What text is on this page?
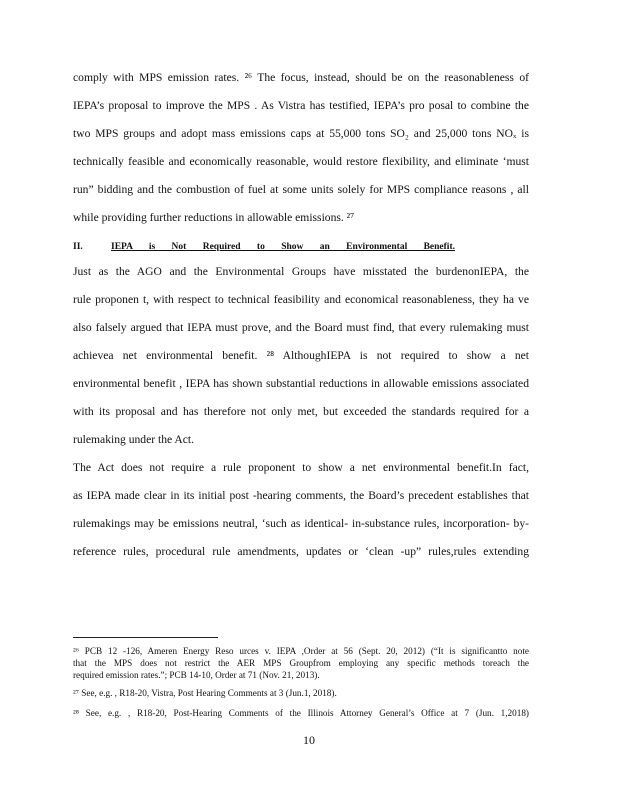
comply with MPS emission rates. ²⁶ The focus, instead, should be on the reasonableness of
IEPA’s proposal to improve the MPS . As Vistra has testified, IEPA’s pro posal to combine the
two MPS groups and adopt mass emissions caps at 55,000 tons SO₂ and 25,000 tons NOₓ is
technically feasible and economically reasonable, would restore flexibility, and eliminate ‘must
run” bidding and the combustion of fuel at some units solely for MPS compliance reasons , all
while providing further reductions in allowable emissions. ²⁷
II.	IEPA is Not Required to Show an Environmental Benefit.
Just as the AGO and the Environmental Groups have misstated the burdenonIEPA, the
rule proponen t, with respect to technical feasibility and economical reasonableness, they ha ve
also falsely argued that IEPA must prove, and the Board must find, that every rulemaking must
achievea net environmental benefit. ²⁸ AlthoughIEPA is not required to show a net
environmental benefit , IEPA has shown substantial reductions in allowable emissions associated
with its proposal and has therefore not only met, but exceeded the standards required for a
rulemaking under the Act.
The Act does not require a rule proponent to show a net environmental benefit.In fact,
as IEPA made clear in its initial post -hearing comments, the Board’s precedent establishes that
rulemakings may be emissions neutral, ‘such as identical- in-substance rules, incorporation- by-
reference rules, procedural rule amendments, updates or ‘clean -up” rules,rules extending
²⁶ PCB 12 -126, Ameren Energy Reso urces v. IEPA ,Order at 56 (Sept. 20, 2012) (“It is significantto note
that the MPS does not restrict the AER MPS Groupfrom employing any specific methods toreach the
required emission rates.”; PCB 14-10, Order at 71 (Nov. 21, 2013).
²⁷ See, e.g. , R18-20, Vistra, Post Hearing Comments at 3 (Jun.1, 2018).
²⁸ See, e.g. , R18-20, Post-Hearing Comments of the Illinois Attorney General’s Office at 7 (Jun. 1,2018)
10
